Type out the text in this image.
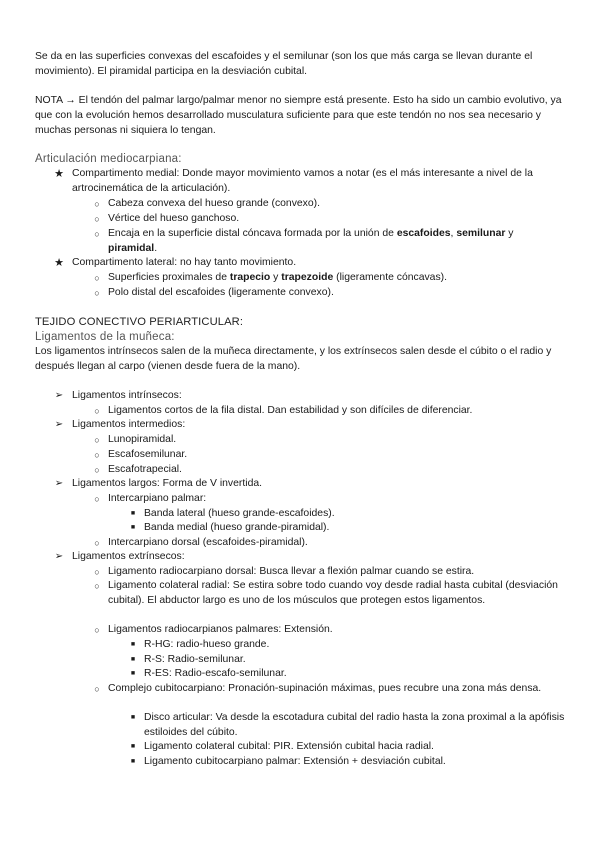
Se da en las superficies convexas del escafoides y el semilunar (son los que más carga se llevan durante el movimiento). El piramidal participa en la desviación cubital.

NOTA → El tendón del palmar largo/palmar menor no siempre está presente. Esto ha sido un cambio evolutivo, ya que con la evolución hemos desarrollado musculatura suficiente para que este tendón no nos sea necesario y muchas personas ni siquiera lo tengan.

Articulación mediocarpiana:
★ Compartimento medial: Donde mayor movimiento vamos a notar (es el más interesante a nivel de la artrocinemática de la articulación).

○ Cabeza convexa del hueso grande (convexo).

○ Vértice del hueso ganchoso.

○ Encaja en la superficie distal cóncava formada por la unión de escafoides, semilunar y piramidal.

★ Compartimento lateral: no hay tanto movimiento.

○ Superficies proximales de trapecio y trapezoide (ligeramente cóncavas).

○ Polo distal del escafoides (ligeramente convexo).

TEJIDO CONECTIVO PERIARTICULAR:
Ligamentos de la muñeca:

Los ligamentos intrínsecos salen de la muñeca directamente, y los extrínsecos salen desde el cúbito o el radio y después llegan al carpo (vienen desde fuera de la mano).

➢ Ligamentos intrínsecos:

○ Ligamentos cortos de la fila distal. Dan estabilidad y son difíciles de diferenciar.

➢ Ligamentos intermedios:

○ Lunopiramidal.

○ Escafosemilunar.

○ Escafotrapecial.

➢ Ligamentos largos: Forma de V invertida.

○ Intercarpiano palmar:

■ Banda lateral (hueso grande-escafoides).

■ Banda medial (hueso grande-piramidal).

○ Intercarpiano dorsal (escafoides-piramidal).

➢ Ligamentos extrínsecos:

○ Ligamento radiocarpiano dorsal: Busca llevar a flexión palmar cuando se estira.

○ Ligamento colateral radial: Se estira sobre todo cuando voy desde radial hasta cubital (desviación cubital). El abductor largo es uno de los músculos que protegen estos ligamentos.

○ Ligamentos radiocarpianos palmares: Extensión.

■ R-HG: radio-hueso grande.

■ R-S: Radio-semilunar.

■ R-ES: Radio-escafo-semilunar.

○ Complejo cubitocarpiano: Pronación-supinación máximas, pues recubre una zona más densa.

■ Disco articular: Va desde la escotadura cubital del radio hasta la zona proximal a la apófisis estiloides del cúbito.

■ Ligamento colateral cubital: PIR. Extensión cubital hacia radial.

■ Ligamento cubitocarpiano palmar: Extensión + desviación cubital.
